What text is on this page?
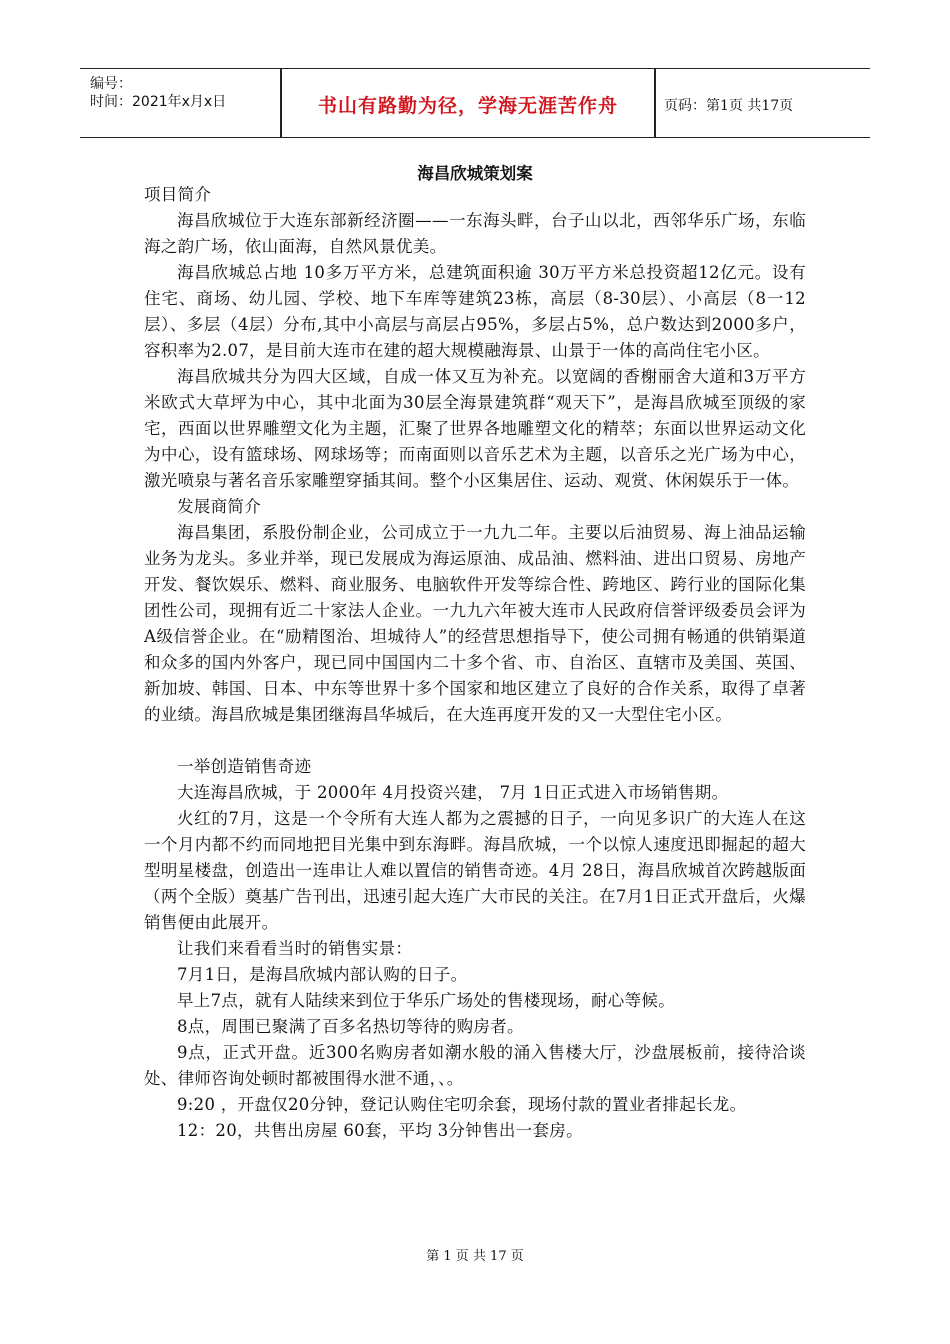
编号：
时间：2021年x月x日	书山有路勤为径，学海无涯苦作舟	页码：第1页 共17页
海昌欣城策划案

项目简介

海昌欣城位于大连东部新经济圈——一东海头畔，台子山以北，西邻华乐广场，东临海之韵广场，依山面海，自然风景优美。

海昌欣城总占地 10多万平方米，总建筑面积逾 30万平方米总投资超12亿元。设有住宅、商场、幼儿园、学校、地下车库等建筑23栋，高层（8-30层）、小高层（8一12层）、多层（4层）分布,其中小高层与高层占95%，多层占5%，总户数达到2000多户，容积率为2.07，是目前大连市在建的超大规模融海景、山景于一体的高尚住宅小区。

海昌欣城共分为四大区域，自成一体又互为补充。以宽阔的香榭丽舍大道和3万平方米欧式大草坪为中心，其中北面为30层全海景建筑群“观天下”，是海昌欣城至顶级的家宅，西面以世界雕塑文化为主题，汇聚了世界各地雕塑文化的精萃；东面以世界运动文化为中心，设有篮球场、网球场等；而南面则以音乐艺术为主题，以音乐之光广场为中心，激光喷泉与著名音乐家雕塑穿插其间。整个小区集居住、运动、观赏、休闲娱乐于一体。

发展商简介

海昌集团，系股份制企业，公司成立于一九九二年。主要以后油贸易、海上油品运输业务为龙头。多业并举，现已发展成为海运原油、成品油、燃料油、进出口贸易、房地产开发、餐饮娱乐、燃料、商业服务、电脑软件开发等综合性、跨地区、跨行业的国际化集团性公司，现拥有近二十家法人企业。一九九六年被大连市人民政府信誉评级委员会评为A级信誉企业。在“励精图治、坦城待人”的经营思想指导下，使公司拥有畅通的供销渠道和众多的国内外客户，现已同中国国内二十多个省、市、自治区、直辖市及美国、英国、新加坡、韩国、日本、中东等世界十多个国家和地区建立了良好的合作关系，取得了卓著的业绩。海昌欣城是集团继海昌华城后，在大连再度开发的又一大型住宅小区。

一举创造销售奇迹

大连海昌欣城，于 2000年 4月投资兴建， 7月 1日正式进入市场销售期。

火红的7月，这是一个令所有大连人都为之震撼的日子，一向见多识广的大连人在这一个月内都不约而同地把目光集中到东海畔。海昌欣城，一个以惊人速度迅即掘起的超大型明星楼盘，创造出一连串让人难以置信的销售奇迹。4月 28日，海昌欣城首次跨越版面（两个全版）奠基广告刊出，迅速引起大连广大市民的关注。在7月1日正式开盘后，火爆销售便由此展开。

让我们来看看当时的销售实景：

7月1日，是海昌欣城内部认购的日子。

早上7点，就有人陆续来到位于华乐广场处的售楼现场，耐心等候。

8点，周围已聚满了百多名热切等待的购房者。

9点，正式开盘。近300名购房者如潮水般的涌入售楼大厅，沙盘展板前，接待洽谈处、律师咨询处顿时都被围得水泄不通，、。

9:20 ，开盘仅20分钟，登记认购住宅叨余套，现场付款的置业者排起长龙。

12：20，共售出房屋 60套，平均 3分钟售出一套房。

第 1 页 共 17 页
